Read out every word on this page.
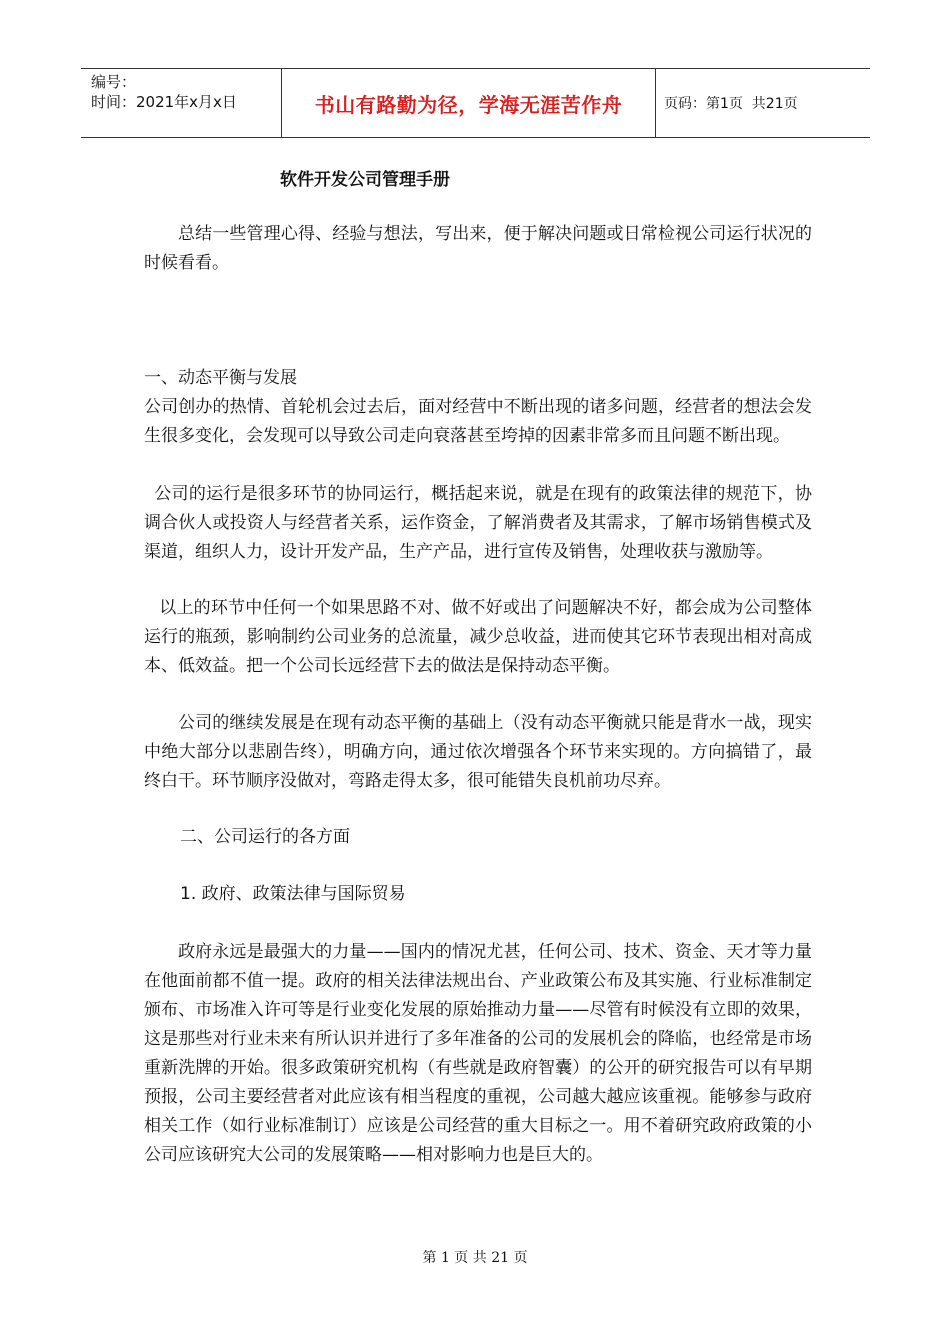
编号：
时间：2021年x月x日	书山有路勤为径，学海无涯苦作舟	页码：第1页  共21页
软件开发公司管理手册

总结一些管理心得、经验与想法，写出来，便于解决问题或日常检视公司运行状况的时候看看。

一、动态平衡与发展

公司创办的热情、首轮机会过去后，面对经营中不断出现的诸多问题，经营者的想法会发生很多变化，会发现可以导致公司走向衰落甚至垮掉的因素非常多而且问题不断出现。

公司的运行是很多环节的协同运行，概括起来说，就是在现有的政策法律的规范下，协调合伙人或投资人与经营者关系，运作资金，了解消费者及其需求，了解市场销售模式及渠道，组织人力，设计开发产品，生产产品，进行宣传及销售，处理收获与激励等。

以上的环节中任何一个如果思路不对、做不好或出了问题解决不好，都会成为公司整体运行的瓶颈，影响制约公司业务的总流量，减少总收益，进而使其它环节表现出相对高成本、低效益。把一个公司长远经营下去的做法是保持动态平衡。

公司的继续发展是在现有动态平衡的基础上（没有动态平衡就只能是背水一战，现实中绝大部分以悲剧告终），明确方向，通过依次增强各个环节来实现的。方向搞错了，最终白干。环节顺序没做对，弯路走得太多，很可能错失良机前功尽弃。

二、公司运行的各方面

1. 政府、政策法律与国际贸易

政府永远是最强大的力量——国内的情况尤甚，任何公司、技术、资金、天才等力量在他面前都不值一提。政府的相关法律法规出台、产业政策公布及其实施、行业标准制定颁布、市场准入许可等是行业变化发展的原始推动力量——尽管有时候没有立即的效果，这是那些对行业未来有所认识并进行了多年准备的公司的发展机会的降临，也经常是市场重新洗牌的开始。很多政策研究机构（有些就是政府智囊）的公开的研究报告可以有早期预报，公司主要经营者对此应该有相当程度的重视，公司越大越应该重视。能够参与政府相关工作（如行业标准制订）应该是公司经营的重大目标之一。用不着研究政府政策的小公司应该研究大公司的发展策略——相对影响力也是巨大的。

第 1 页 共 21 页
